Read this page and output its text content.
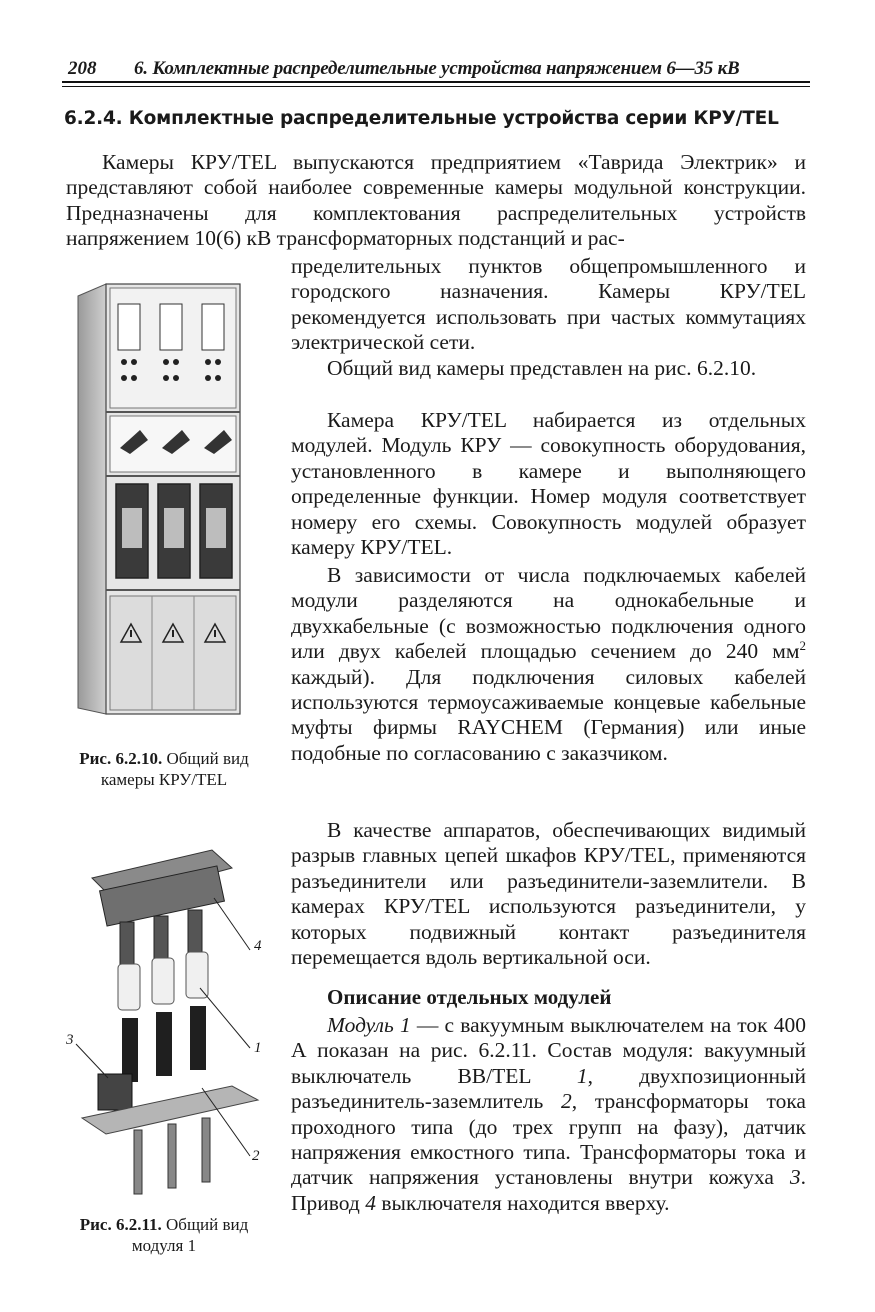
208 6. Комплектные распределительные устройства напряжением 6—35 кВ
6.2.4. Комплектные распределительные устройства серии КРУ/TEL

Камеры КРУ/TEL выпускаются предприятием «Таврида Электрик» и представляют собой наиболее современные камеры модульной конструкции. Предназначены для комплектования распределительных устройств напряжением 10(6) кВ трансформаторных подстанций и рас-

пределительных пунктов общепромышленного и городского назначения. Камеры КРУ/TEL рекомендуется использовать при частых коммутациях электрической сети.

Общий вид камеры представлен на рис. 6.2.10.

Камера КРУ/TEL набирается из отдельных модулей. Модуль КРУ — совокупность оборудования, установленного в камере и выполняющего определенные функции. Номер модуля соответствует номеру его схемы. Совокупность модулей образует камеру КРУ/TEL.

В зависимости от числа подключаемых кабелей модули разделяются на однокабельные и двухкабельные (с возможностью подключения одного или двух кабелей площадью сечением до 240 $мм^2$ каждый). Для подключения силовых кабелей используются термоусаживаемые концевые кабельные муфты фирмы RAYCHEM (Германия) или иные подобные по согласованию с заказчиком.

В качестве аппаратов, обеспечивающих видимый разрыв главных цепей шкафов КРУ/TEL, применяются разъединители или разъединители-заземлители. В камерах КРУ/TEL используются разъединители, у которых подвижный контакт разъединителя перемещается вдоль вертикальной оси.

Описание отдельных модулей

Модуль 1 — с вакуумным выключателем на ток 400 А показан на рис. 6.2.11. Состав модуля: вакуумный выключатель ВВ/TEL 1, двухпозиционный разъединитель-заземлитель 2, трансформаторы тока проходного типа (до трех групп на фазу), датчик напряжения емкостного типа. Трансформаторы тока и датчик напряжения установлены внутри кожуха 3. Привод 4 выключателя находится вверху.

Рис. 6.2.10. Общий вид камеры КРУ/TEL
4
1
3
2
Рис. 6.2.11. Общий вид модуля 1
